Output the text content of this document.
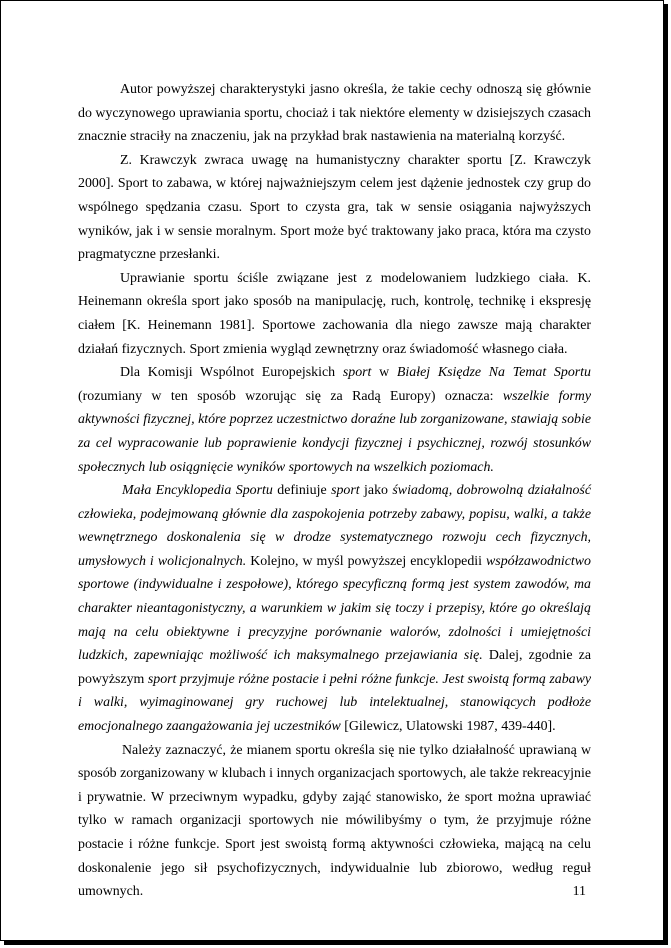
Autor powyższej charakterystyki jasno określa, że takie cechy odnoszą się głównie do wyczynowego uprawiania sportu, chociaż i tak niektóre elementy w dzisiejszych czasach znacznie straciły na znaczeniu, jak na przykład brak nastawienia na materialną korzyść.

Z. Krawczyk zwraca uwagę na humanistyczny charakter sportu [Z. Krawczyk 2000]. Sport to zabawa, w której najważniejszym celem jest dążenie jednostek czy grup do wspólnego spędzania czasu. Sport to czysta gra, tak w sensie osiągania najwyższych wyników, jak i w sensie moralnym. Sport może być traktowany jako praca, która ma czysto pragmatyczne przesłanki.

Uprawianie sportu ściśle związane jest z modelowaniem ludzkiego ciała. K. Heinemann określa sport jako sposób na manipulację, ruch, kontrolę, technikę i ekspresję ciałem [K. Heinemann 1981]. Sportowe zachowania dla niego zawsze mają charakter działań fizycznych. Sport zmienia wygląd zewnętrzny oraz świadomość własnego ciała.

Dla Komisji Wspólnot Europejskich sport w Białej Księdze Na Temat Sportu (rozumiany w ten sposób wzorując się za Radą Europy) oznacza: wszelkie formy aktywności fizycznej, które poprzez uczestnictwo doraźne lub zorganizowane, stawiają sobie za cel wypracowanie lub poprawienie kondycji fizycznej i psychicznej, rozwój stosunków społecznych lub osiągnięcie wyników sportowych na wszelkich poziomach.

Mała Encyklopedia Sportu definiuje sport jako świadomą, dobrowolną działalność człowieka, podejmowaną głównie dla zaspokojenia potrzeby zabawy, popisu, walki, a także wewnętrznego doskonalenia się w drodze systematycznego rozwoju cech fizycznych, umysłowych i wolicjonalnych. Kolejno, w myśl powyższej encyklopedii współzawodnictwo sportowe (indywidualne i zespołowe), którego specyficzną formą jest system zawodów, ma charakter nieantagonistyczny, a warunkiem w jakim się toczy i przepisy, które go określają mają na celu obiektywne i precyzyjne porównanie walorów, zdolności i umiejętności ludzkich, zapewniając możliwość ich maksymalnego przejawiania się. Dalej, zgodnie za powyższym sport przyjmuje różne postacie i pełni różne funkcje. Jest swoistą formą zabawy i walki, wyimaginowanej gry ruchowej lub intelektualnej, stanowiących podłoże emocjonalnego zaangażowania jej uczestników [Gilewicz, Ulatowski 1987, 439-440].

Należy zaznaczyć, że mianem sportu określa się nie tylko działalność uprawianą w sposób zorganizowany w klubach i innych organizacjach sportowych, ale także rekreacyjnie i prywatnie. W przeciwnym wypadku, gdyby zająć stanowisko, że sport można uprawiać tylko w ramach organizacji sportowych nie mówilibyśmy o tym, że przyjmuje różne postacie i różne funkcje. Sport jest swoistą formą aktywności człowieka, mającą na celu doskonalenie jego sił psychofizycznych, indywidualnie lub zbiorowo, według reguł umownych.	11
